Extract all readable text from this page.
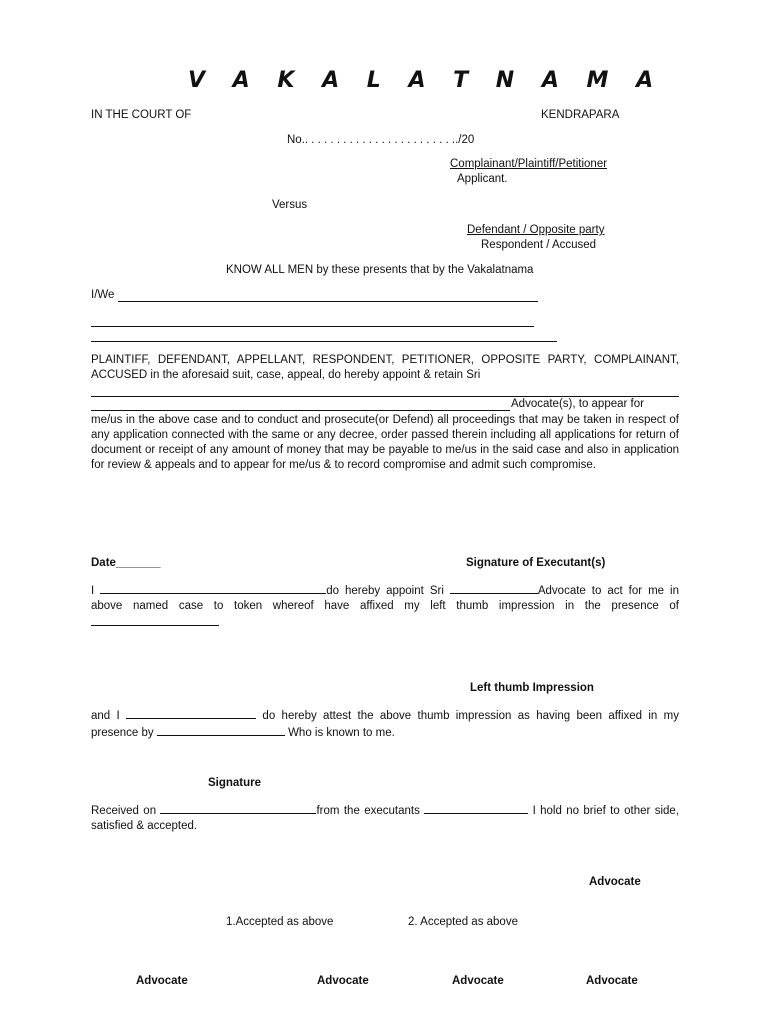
V A K A L A T N A M A
IN THE COURT OF	KENDRAPARA
No.. . . . . . . . . . . . . . . . . . . . . . . ../20
Complainant/Plaintiff/Petitioner
Applicant.
Versus
Defendant / Opposite party
Respondent / Accused
KNOW ALL MEN by these presents that by the Vakalatnama
I/We
PLAINTIFF, DEFENDANT, APPELLANT, RESPONDENT, PETITIONER, OPPOSITE PARTY, COMPLAINANT, ACCUSED in the aforesaid suit, case, appeal, do hereby appoint & retain Sri
Advocate(s), to appear for
me/us in the above case and to conduct and prosecute(or Defend) all proceedings that may be taken in respect of any application connected with the same or any decree, order passed therein including all applications for return of document or receipt of any amount of money that may be payable to me/us in the said case and also in application for review & appeals and to appear for me/us & to record compromise and admit such compromise.
Date_______	Signature of Executant(s)
I	do hereby appoint Sri	Advocate to act for me in above named case to token whereof have affixed my left thumb impression in the presence of
Left thumb Impression
and I	do hereby attest the above thumb impression as having been affixed in my presence by	Who is known to me.
Signature
Received on	from the executants	I hold no brief to other side, satisfied & accepted.
Advocate
1.Accepted as above	2. Accepted as above
Advocate	Advocate	Advocate	Advocate
